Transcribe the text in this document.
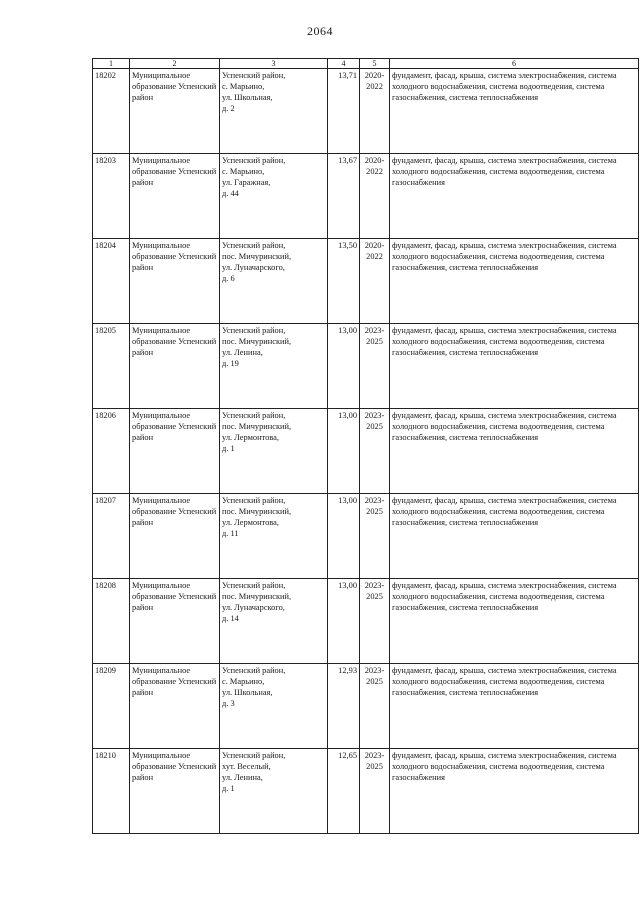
2064
1	2	3	4	5	6
18202	Муниципальное образование Успенский район	Успенский район,
с. Марьино,
ул. Школьная,
д. 2	13,71	2020-2022	фундамент, фасад, крыша, система электроснабжения, система холодного водоснабжения, система водоотведения, система газоснабжения, система теплоснабжения

18203	Муниципальное образование Успенский район	Успенский район,
с. Марьино,
ул. Гаражная,
д. 44	13,67	2020-2022	фундамент, фасад, крыша, система электроснабжения, система холодного водоснабжения, система водоотведения, система газоснабжения

18204	Муниципальное образование Успенский район	Успенский район,
пос. Мичуринский,
ул. Луначарского,
д. 6	13,50	2020-2022	фундамент, фасад, крыша, система электроснабжения, система холодного водоснабжения, система водоотведения, система газоснабжения, система теплоснабжения

18205	Муниципальное образование Успенский район	Успенский район,
пос. Мичуринский,
ул. Ленина,
д. 19	13,00	2023-2025	фундамент, фасад, крыша, система электроснабжения, система холодного водоснабжения, система водоотведения, система газоснабжения, система теплоснабжения

18206	Муниципальное образование Успенский район	Успенский район,
пос. Мичуринский,
ул. Лермонтова,
д. 1	13,00	2023-2025	фундамент, фасад, крыша, система электроснабжения, система холодного водоснабжения, система водоотведения, система газоснабжения, система теплоснабжения

18207	Муниципальное образование Успенский район	Успенский район,
пос. Мичуринский,
ул. Лермонтова,
д. 11	13,00	2023-2025	фундамент, фасад, крыша, система электроснабжения, система холодного водоснабжения, система водоотведения, система газоснабжения, система теплоснабжения

18208	Муниципальное образование Успенский район	Успенский район,
пос. Мичуринский,
ул. Луначарского,
д. 14	13,00	2023-2025	фундамент, фасад, крыша, система электроснабжения, система холодного водоснабжения, система водоотведения, система газоснабжения, система теплоснабжения

18209	Муниципальное образование Успенский район	Успенский район,
с. Марьино,
ул. Школьная,
д. 3	12,93	2023-2025	фундамент, фасад, крыша, система электроснабжения, система холодного водоснабжения, система водоотведения, система газоснабжения, система теплоснабжения

18210	Муниципальное образование Успенский район	Успенский район,
хут. Веселый,
ул. Ленина,
д. 1	12,65	2023-2025	фундамент, фасад, крыша, система электроснабжения, система холодного водоснабжения, система водоотведения, система газоснабжения
